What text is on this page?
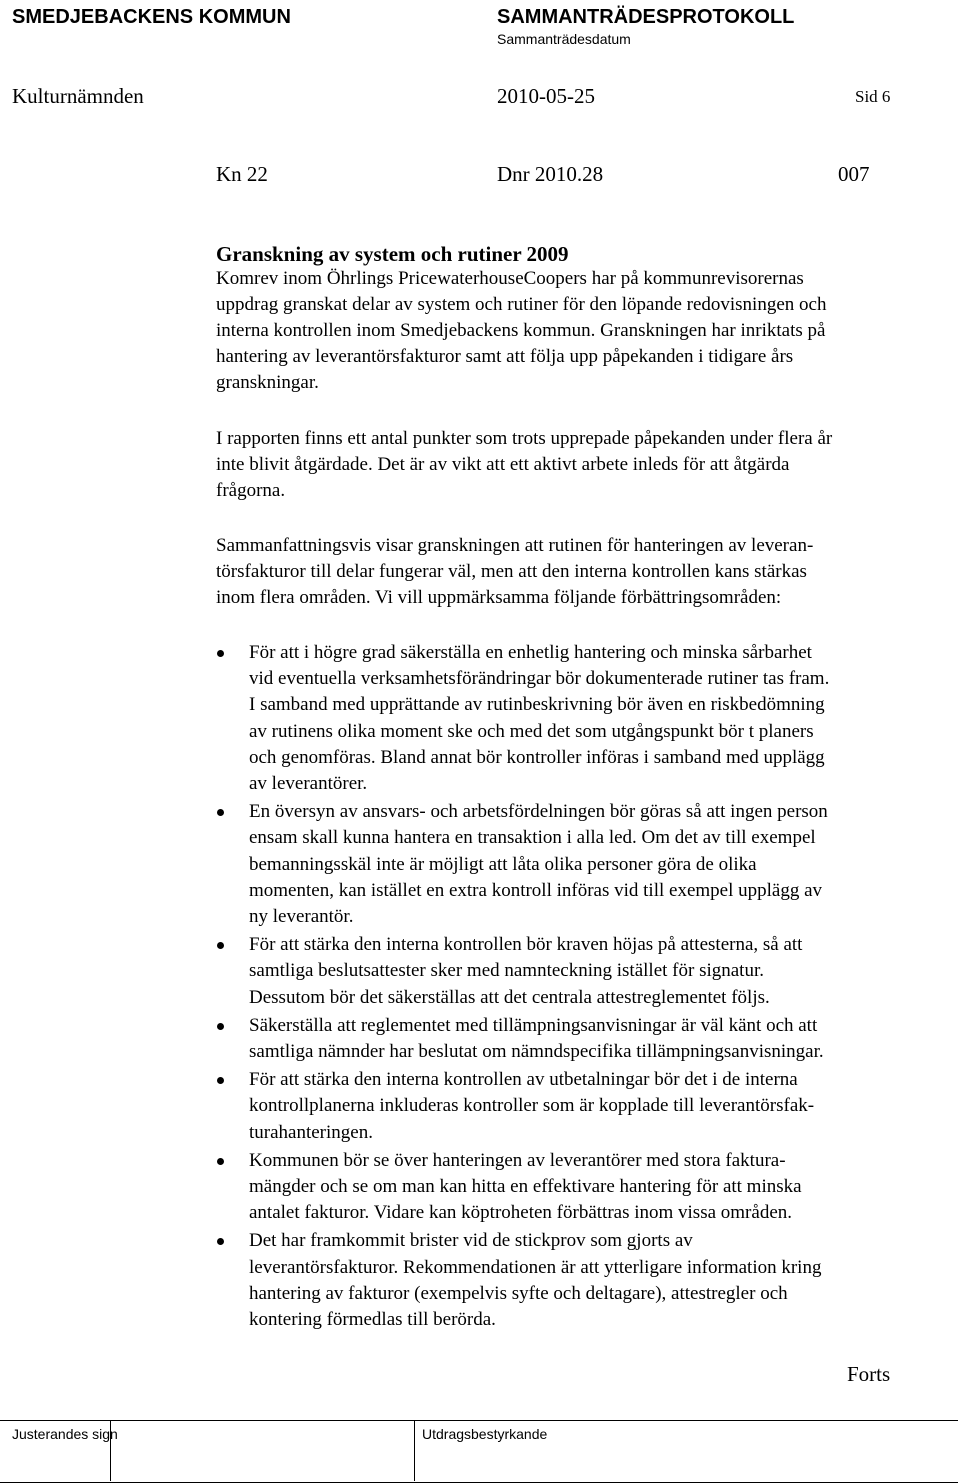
SMEDJEBACKENS KOMMUN	SAMMANTRÄDESPROTOKOLL
Sammanträdesdatum
Kulturnämnden	2010-05-25	Sid 6
Kn 22	Dnr 2010.28	007
Granskning av system och rutiner 2009
Komrev inom Öhrlings PricewaterhouseCoopers har på kommunrevisorernas
uppdrag granskat delar av system och rutiner för den löpande redovisningen och
interna kontrollen inom Smedjebackens kommun. Granskningen har inriktats på
hantering av leverantörsfakturor samt att följa upp påpekanden i tidigare års
granskningar.
I rapporten finns ett antal punkter som trots upprepade påpekanden under flera år
inte blivit åtgärdade. Det är av vikt att ett aktivt arbete inleds för att åtgärda
frågorna.
Sammanfattningsvis visar granskningen att rutinen för hanteringen av leveran-
törsfakturor till delar fungerar väl, men att den interna kontrollen kans stärkas
inom flera områden. Vi vill uppmärksamma följande förbättringsområden:
För att i högre grad säkerställa en enhetlig hantering och minska sårbarhet
vid eventuella verksamhetsförändringar bör dokumenterade rutiner tas fram.
I samband med upprättande av rutinbeskrivning bör även en riskbedömning
av rutinens olika moment ske och med det som utgångspunkt bör t planers
och genomföras. Bland annat bör kontroller införas i samband med upplägg
av leverantörer.
En översyn av ansvars- och arbetsfördelningen bör göras så att ingen person
ensam skall kunna hantera en transaktion i alla led. Om det av till exempel
bemanningsskäl inte är möjligt att låta olika personer göra de olika
momenten, kan istället en extra kontroll införas vid till exempel upplägg av
ny leverantör.
För att stärka den interna kontrollen bör kraven höjas på attesterna, så att
samtliga beslutsattester sker med namnteckning istället för signatur.
Dessutom bör det säkerställas att det centrala attestreglementet följs.
Säkerställa att reglementet med tillämpningsanvisningar är väl känt och att
samtliga nämnder har beslutat om nämndspecifika tillämpningsanvisningar.
För att stärka den interna kontrollen av utbetalningar bör det i de interna
kontrollplanerna inkluderas kontroller som är kopplade till leverantörsfak-
turahanteringen.
Kommunen bör se över hanteringen av leverantörer med stora faktura-
mängder och se om man kan hitta en effektivare hantering för att minska
antalet fakturor. Vidare kan köptroheten förbättras inom vissa områden.
Det har framkommit brister vid de stickprov som gjorts av
leverantörsfakturor. Rekommendationen är att ytterligare information kring
hantering av fakturor (exempelvis syfte och deltagare), attestregler och
kontering förmedlas till berörda.
Forts
Justerandes sign	Utdragsbestyrkande
